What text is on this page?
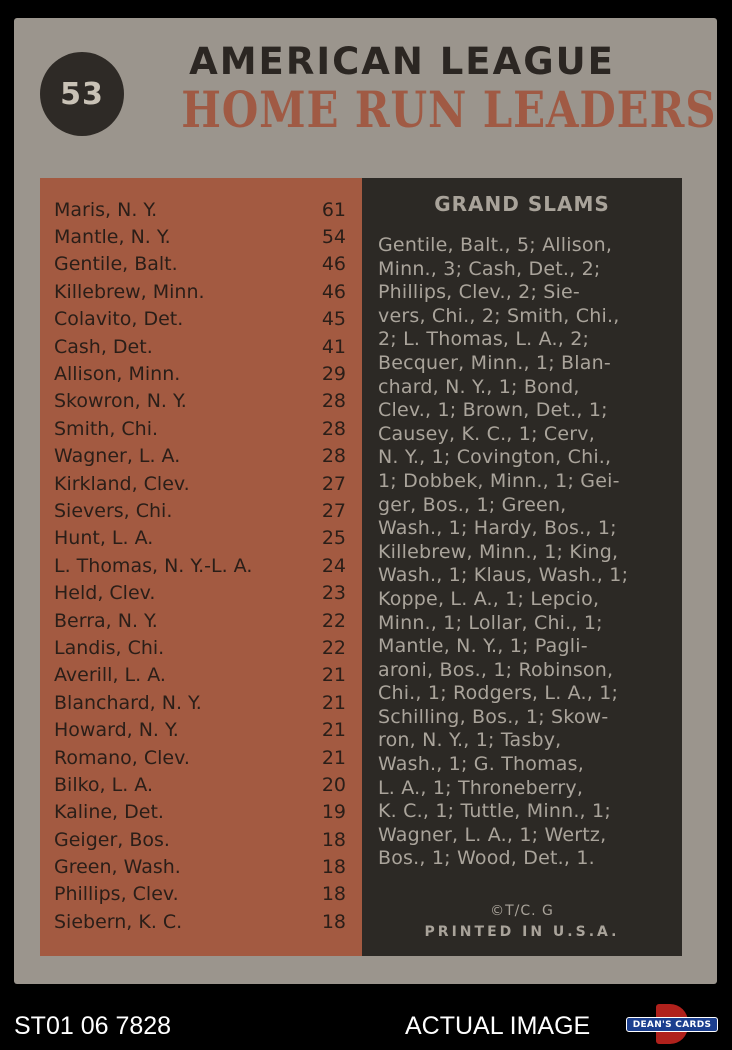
53
AMERICAN LEAGUE
HOME RUN LEADERS
Maris, N. Y.	61
Mantle, N. Y.	54
Gentile, Balt.	46
Killebrew, Minn.	46
Colavito, Det.	45
Cash, Det.	41
Allison, Minn.	29
Skowron, N. Y.	28
Smith, Chi.	28
Wagner, L. A.	28
Kirkland, Clev.	27
Sievers, Chi.	27
Hunt, L. A.	25
L. Thomas, N. Y.-L. A.	24
Held, Clev.	23
Berra, N. Y.	22
Landis, Chi.	22
Averill, L. A.	21
Blanchard, N. Y.	21
Howard, N. Y.	21
Romano, Clev.	21
Bilko, L. A.	20
Kaline, Det.	19
Geiger, Bos.	18
Green, Wash.	18
Phillips, Clev.	18
Siebern, K. C.	18
GRAND SLAMS
Gentile, Balt., 5; Allison,
Minn., 3; Cash, Det., 2;
Phillips, Clev., 2; Sie-
vers, Chi., 2; Smith, Chi.,
2; L. Thomas, L. A., 2;
Becquer, Minn., 1; Blan-
chard, N. Y., 1; Bond,
Clev., 1; Brown, Det., 1;
Causey, K. C., 1; Cerv,
N. Y., 1; Covington, Chi.,
1; Dobbek, Minn., 1; Gei-
ger, Bos., 1; Green,
Wash., 1; Hardy, Bos., 1;
Killebrew, Minn., 1; King,
Wash., 1; Klaus, Wash., 1;
Koppe, L. A., 1; Lepcio,
Minn., 1; Lollar, Chi., 1;
Mantle, N. Y., 1; Pagli-
aroni, Bos., 1; Robinson,
Chi., 1; Rodgers, L. A., 1;
Schilling, Bos., 1; Skow-
ron, N. Y., 1; Tasby,
Wash., 1; G. Thomas,
L. A., 1; Throneberry,
K. C., 1; Tuttle, Minn., 1;
Wagner, L. A., 1; Wertz,
Bos., 1; Wood, Det., 1.
©T/C. G
PRINTED IN U.S.A.
ST01 06 7828	ACTUAL IMAGE	DEAN'S CARDS
